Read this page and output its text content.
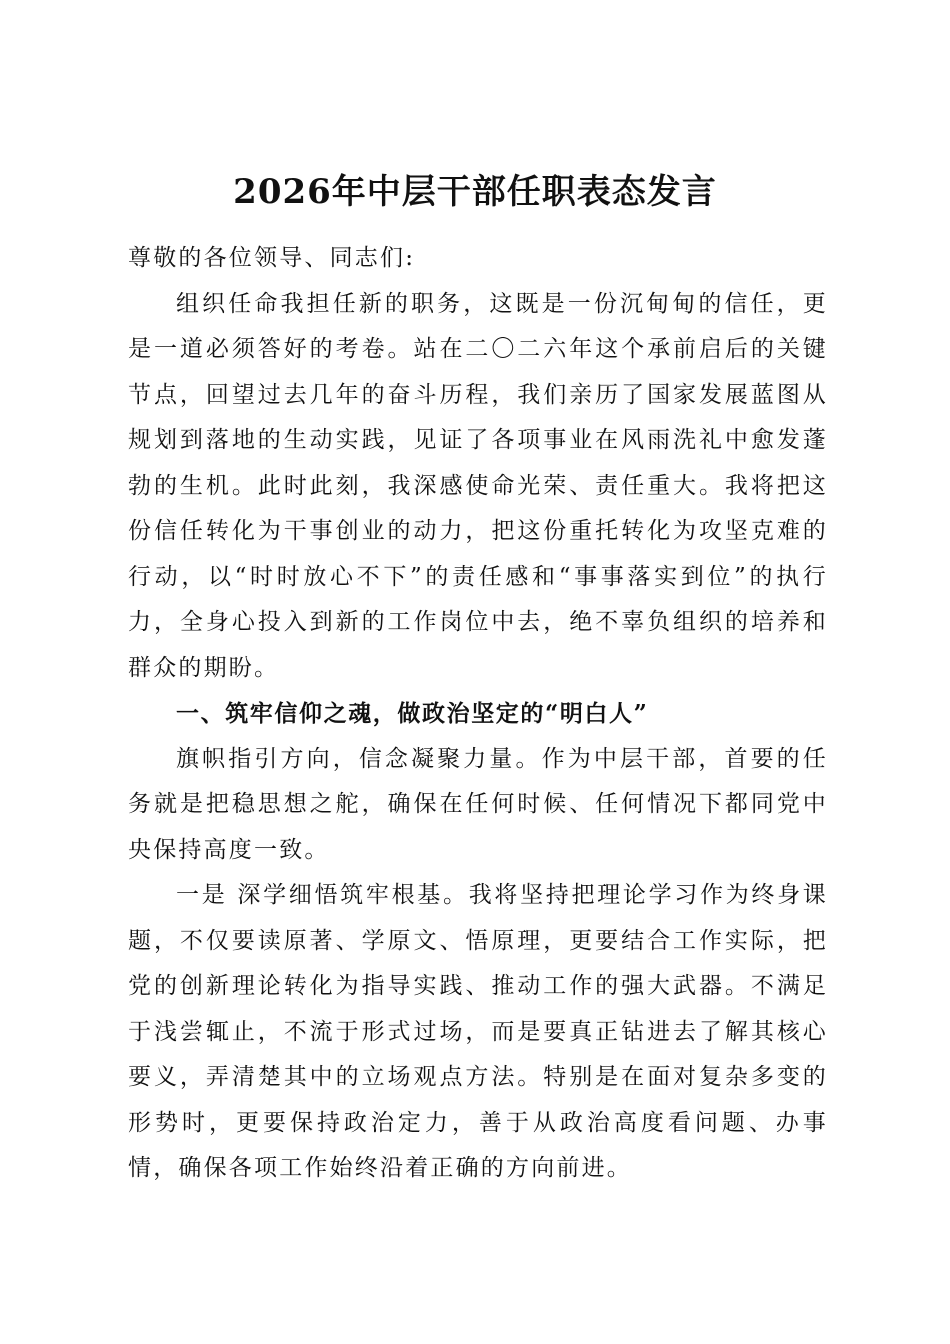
2026年中层干部任职表态发言

尊敬的各位领导、同志们:

组织任命我担任新的职务，这既是一份沉甸甸的信任，更是一道必须答好的考卷。站在二〇二六年这个承前启后的关键节点，回望过去几年的奋斗历程，我们亲历了国家发展蓝图从规划到落地的生动实践，见证了各项事业在风雨洗礼中愈发蓬勃的生机。此时此刻，我深感使命光荣、责任重大。我将把这份信任转化为干事创业的动力，把这份重托转化为攻坚克难的行动，以“时时放心不下”的责任感和“事事落实到位”的执行力，全身心投入到新的工作岗位中去，绝不辜负组织的培养和群众的期盼。

一、筑牢信仰之魂，做政治坚定的“明白人”

旗帜指引方向，信念凝聚力量。作为中层干部，首要的任务就是把稳思想之舵，确保在任何时候、任何情况下都同党中央保持高度一致。

一是 深学细悟筑牢根基。我将坚持把理论学习作为终身课题，不仅要读原著、学原文、悟原理，更要结合工作实际，把党的创新理论转化为指导实践、推动工作的强大武器。不满足于浅尝辄止，不流于形式过场，而是要真正钻进去了解其核心要义，弄清楚其中的立场观点方法。特别是在面对复杂多变的形势时，更要保持政治定力，善于从政治高度看问题、办事情，确保各项工作始终沿着正确的方向前进。
